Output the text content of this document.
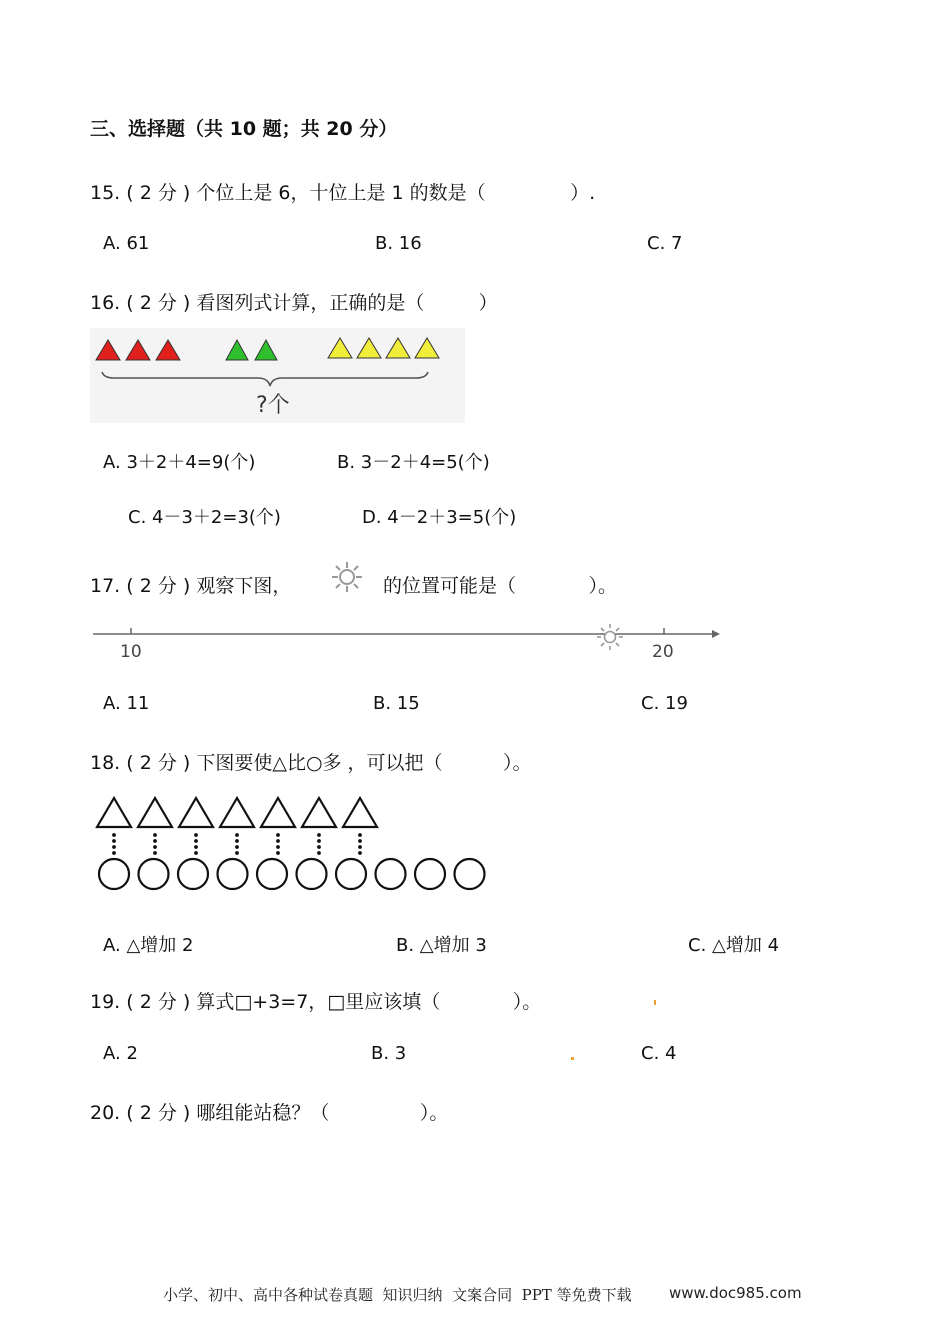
三、选择题（共 10 题；共 20 分）
15. ( 2 分 ) 个位上是 6，十位上是 1 的数是（              ）.
A. 61	B. 16	C. 7
16. ( 2 分 ) 看图列式计算，正确的是（         ）
?个
A. 3＋2＋4=9(个)	B. 3－2＋4=5(个)
C. 4－3＋2=3(个)	D. 4－2＋3=5(个)
17. ( 2 分 ) 观察下图，	的位置可能是（            ）。
10	20
A. 11	B. 15	C. 19
18. ( 2 分 ) 下图要使△比○多 ，可以把（          ）。
A. △增加 2	B. △增加 3	C. △增加 4
19. ( 2 分 ) 算式□+3=7，□里应该填（            ）。
A. 2	B. 3	C. 4
20. ( 2 分 ) 哪组能站稳？（               ）。
小学、初中、高中各种试卷真题  知识归纳  文案合同  PPT 等免费下载 www.doc985.com
